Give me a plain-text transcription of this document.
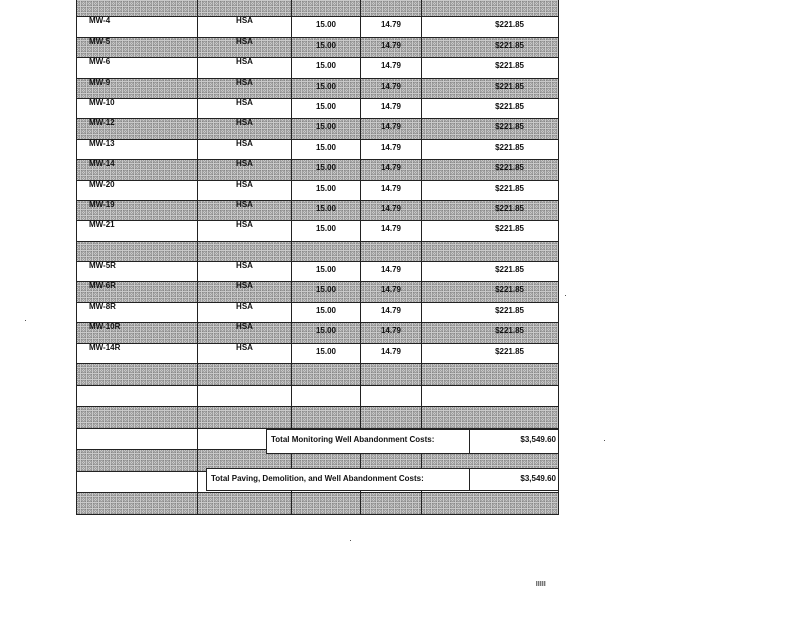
MW-4	HSA	15.00	14.79	$221.85
MW-5	HSA	15.00	14.79	$221.85
MW-6	HSA	15.00	14.79	$221.85
MW-9	HSA	15.00	14.79	$221.85
MW-10	HSA	15.00	14.79	$221.85
MW-12	HSA	15.00	14.79	$221.85
MW-13	HSA	15.00	14.79	$221.85
MW-14	HSA	15.00	14.79	$221.85
MW-20	HSA	15.00	14.79	$221.85
MW-19	HSA	15.00	14.79	$221.85
MW-21	HSA	15.00	14.79	$221.85

MW-5R	HSA	15.00	14.79	$221.85
MW-6R	HSA	15.00	14.79	$221.85
MW-8R	HSA	15.00	14.79	$221.85
MW-10R	HSA	15.00	14.79	$221.85
MW-14R	HSA	15.00	14.79	$221.85

Total Monitoring Well Abandonment Costs:	$3,549.60
Total Paving, Demolition, and Well Abandonment Costs:	$3,549.60
